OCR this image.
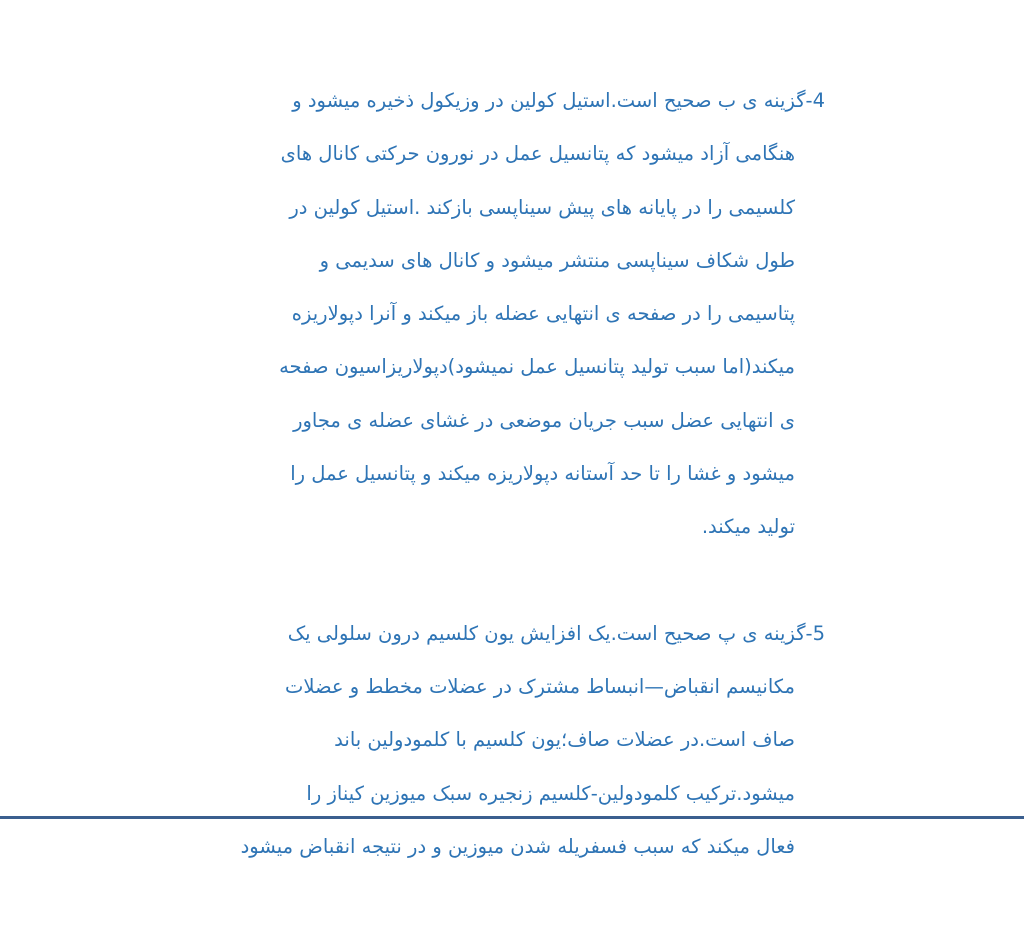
4-گزینه ی ب صحیح است.استیل کولین در وزیکول ذخیره میشود و
هنگامی آزاد میشود که پتانسیل عمل در نورون حرکتی کانال های
کلسیمی را در پایانه های پیش سیناپسی بازکند .استیل کولین در
طول شکاف سیناپسی منتشر میشود و کانال های سدیمی و
پتاسیمی را در صفحه ی انتهایی عضله باز میکند و آنرا دپولاریزه
میکند(اما سبب تولید پتانسیل عمل نمیشود)دپولاریزاسیون صفحه
ی انتهایی عضل سبب جریان موضعی در غشای عضله ی مجاور
میشود و غشا را تا حد آستانه دپولاریزه میکند و پتانسیل عمل را
تولید میکند.
5-گزینه ی پ صحیح است.یک افزایش یون کلسیم درون سلولی یک
مکانیسم انقباض—انبساط مشترک در عضلات مخطط و عضلات
صاف است.در عضلات صاف؛یون کلسیم با کلمودولین باند
میشود.ترکیب کلمودولین-کلسیم زنجیره سبک میوزین کیناز را
فعال میکند که سبب فسفریله شدن میوزین و در نتیجه انقباض میشود
